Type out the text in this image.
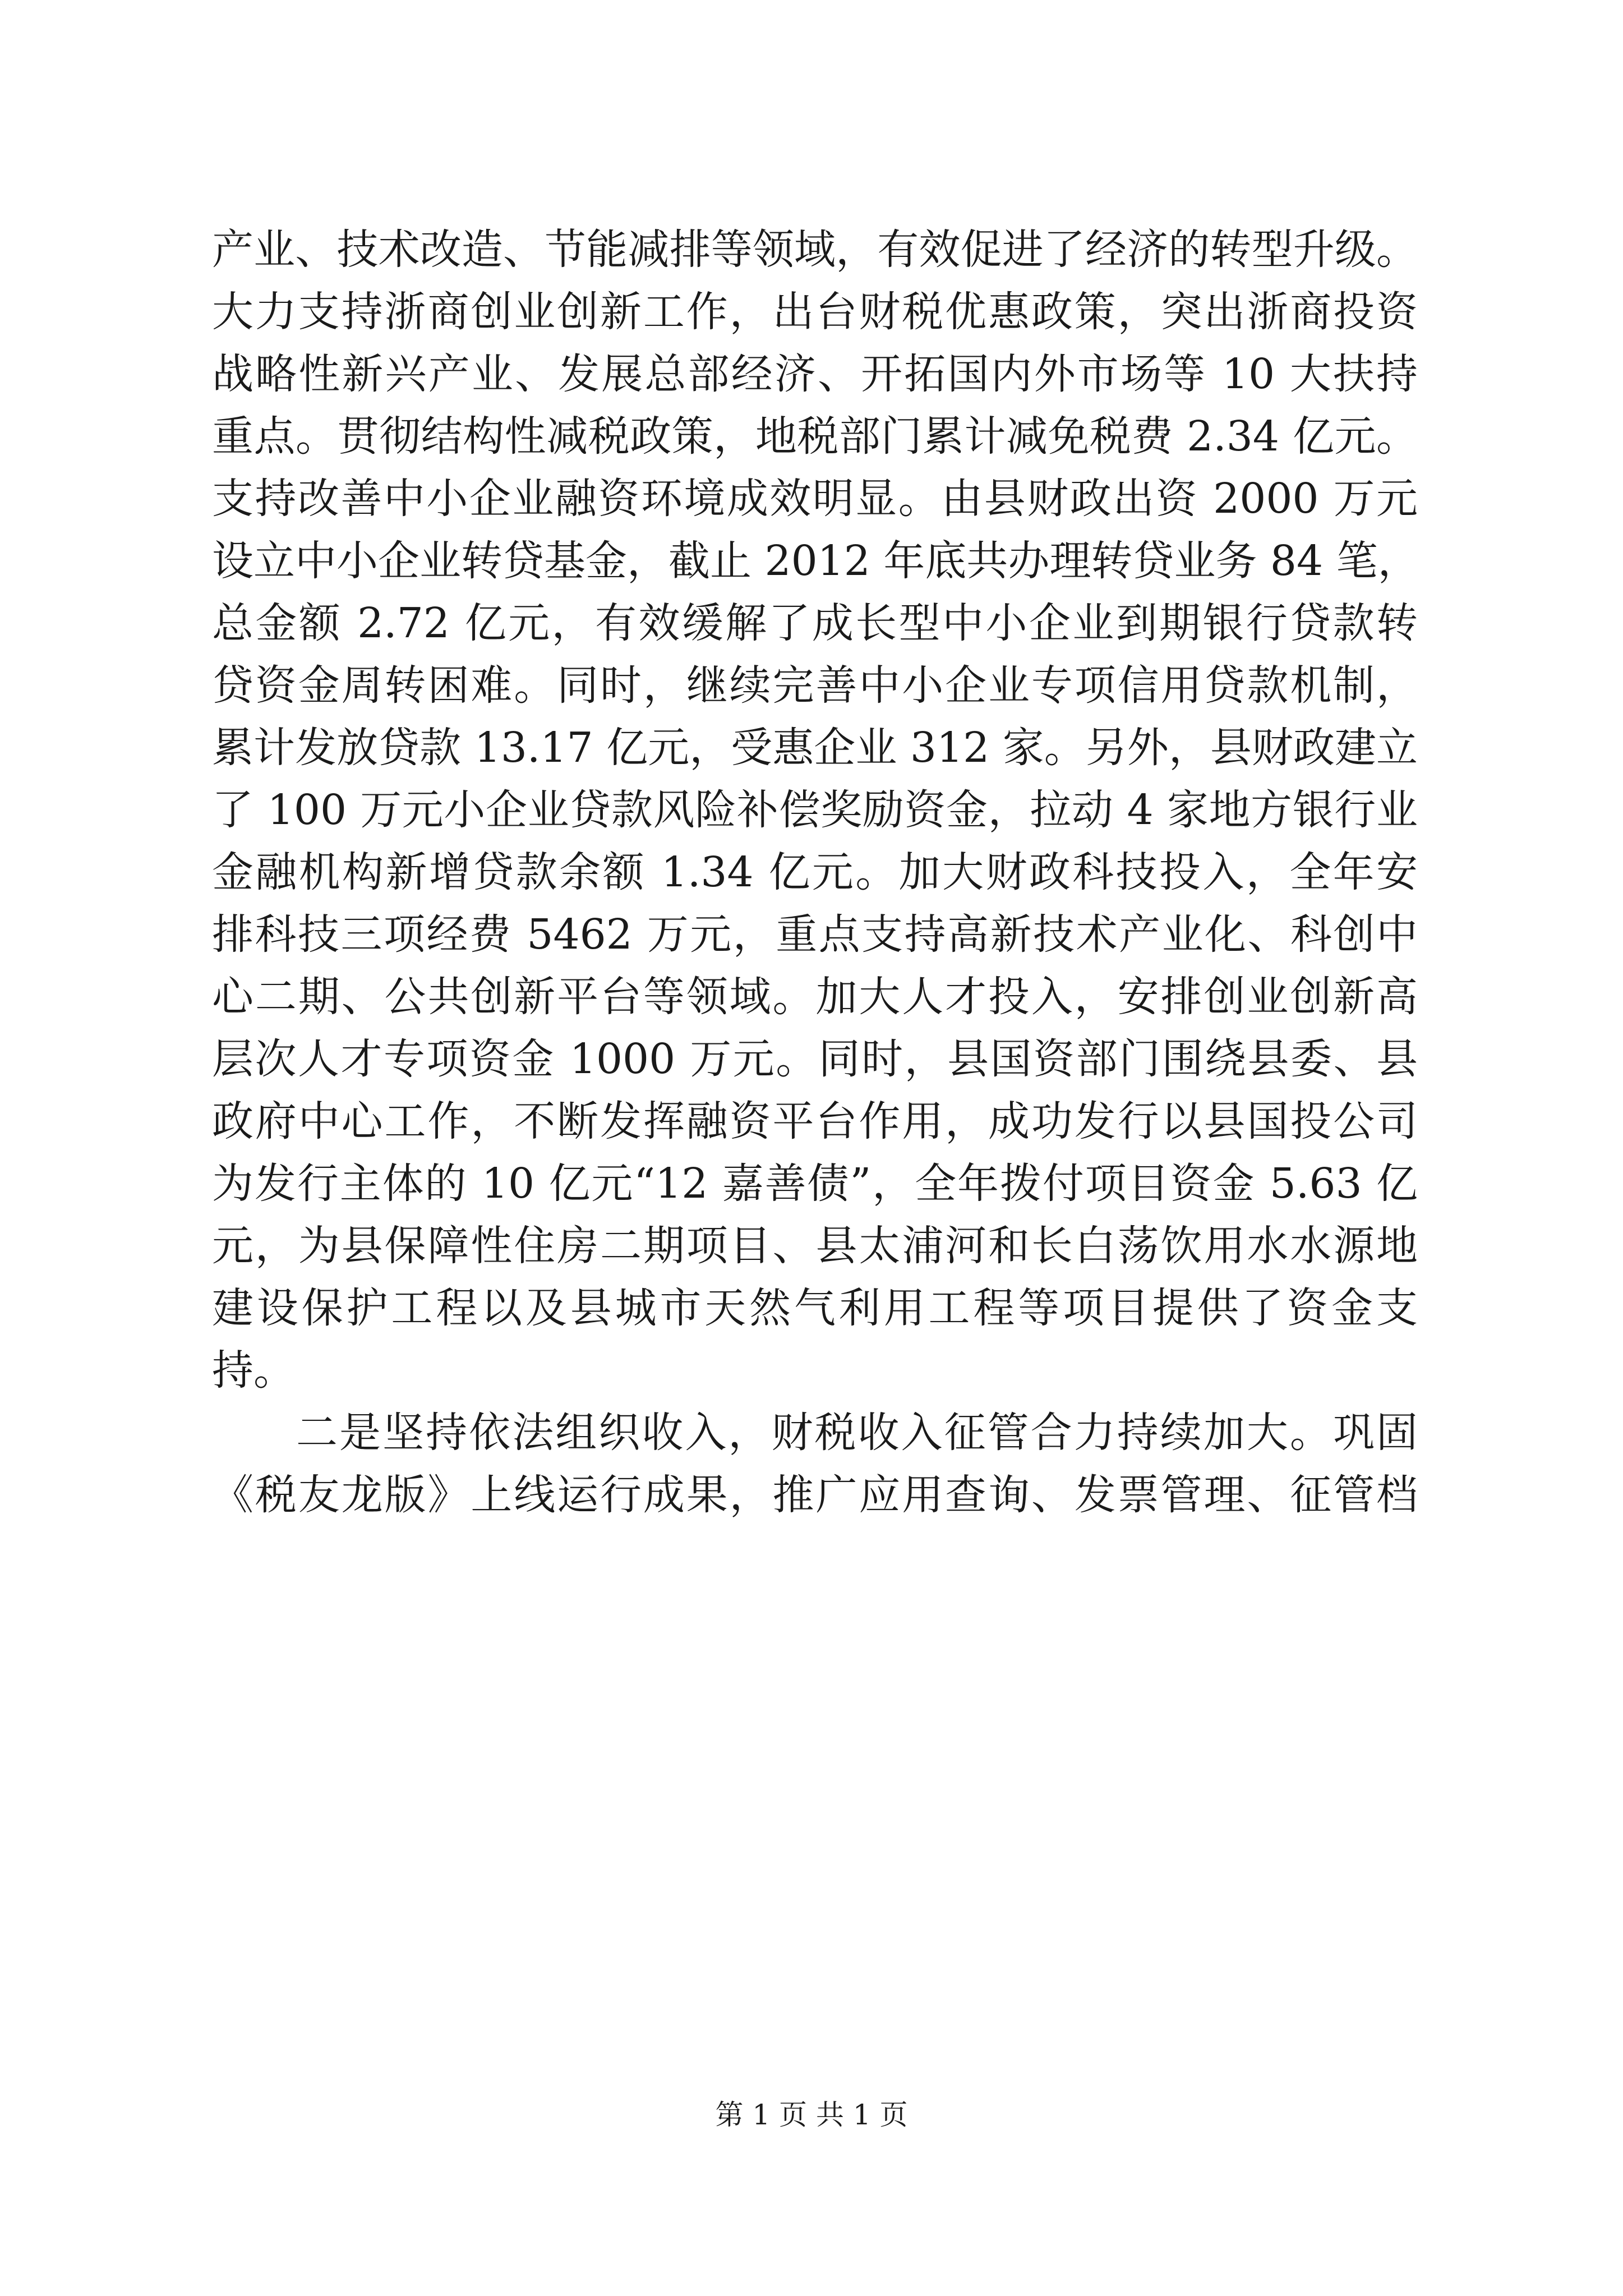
产业、技术改造、节能减排等领域，有效促进了经济的转型升级。
大力支持浙商创业创新工作，出台财税优惠政策，突出浙商投资
战略性新兴产业、发展总部经济、开拓国内外市场等 10 大扶持
重点。贯彻结构性减税政策，地税部门累计减免税费 2.34 亿元。
支持改善中小企业融资环境成效明显。由县财政出资 2000 万元
设立中小企业转贷基金，截止 2012 年底共办理转贷业务 84 笔，
总金额 2.72 亿元，有效缓解了成长型中小企业到期银行贷款转
贷资金周转困难。同时，继续完善中小企业专项信用贷款机制，
累计发放贷款 13.17 亿元，受惠企业 312 家。另外，县财政建立
了 100 万元小企业贷款风险补偿奖励资金，拉动 4 家地方银行业
金融机构新增贷款余额 1.34 亿元。加大财政科技投入，全年安
排科技三项经费 5462 万元，重点支持高新技术产业化、科创中
心二期、公共创新平台等领域。加大人才投入，安排创业创新高
层次人才专项资金 1000 万元。同时，县国资部门围绕县委、县
政府中心工作，不断发挥融资平台作用，成功发行以县国投公司
为发行主体的 10 亿元“12 嘉善债”，全年拨付项目资金 5.63 亿
元，为县保障性住房二期项目、县太浦河和长白荡饮用水水源地
建设保护工程以及县城市天然气利用工程等项目提供了资金支
持。
二是坚持依法组织收入，财税收入征管合力持续加大。巩固
《税友龙版》上线运行成果，推广应用查询、发票管理、征管档
第 1 页 共 1 页
